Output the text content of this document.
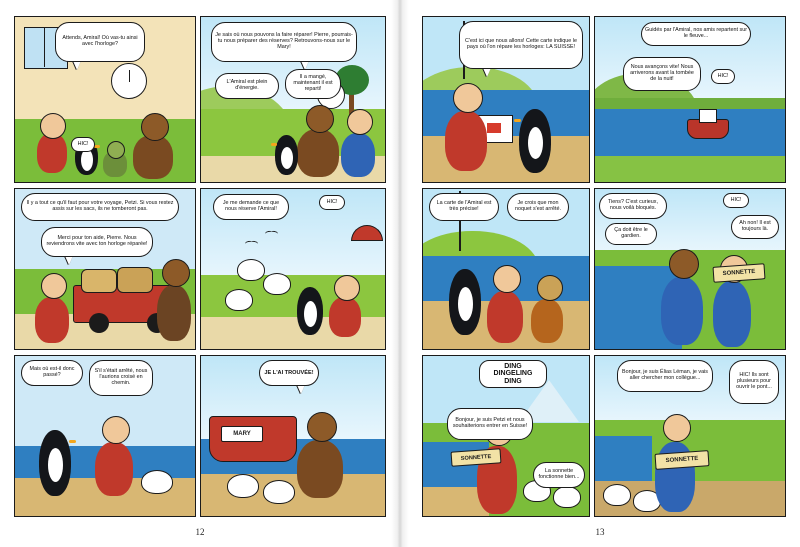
Attends, Amiral! Où vas-tu ainsi avec l'horloge?
HIC!
Je sais où nous pouvons la faire réparer! Pierre, pourrais-tu nous préparer des réserves? Retrouvons-nous sur le Mary!
L'Amiral est plein d'énergie.
Il a mangé, maintenant il est reparti!
Il y a tout ce qu'il faut pour votre voyage, Petzi. Si vous restez assis sur les sacs, ils ne tomberont pas.
Merci pour ton aide, Pierre. Nous reviendrons vite avec ton horloge réparée!
Je me demande ce que nous réserve l'Amiral!
HIC!
Mais où est-il donc passé?
S'il s'était arrêté, nous l'aurions croisé en chemin.
MARY
JE L'AI TROUVÉE!
12
C'est ici que nous allons! Cette carte indique le pays où l'on répare les horloges: LA SUISSE!
Guidés par l'Amiral, nos amis repartent sur le fleuve...
Nous avançons vite! Nous arriverons avant la tombée de la nuit!
HIC!
La carte de l'Amiral est très précise!
Je crois que mon noquet s'est arrêté.
SONNETTE
Tiens? C'est curieux, nous voilà bloqués.
Ça doit être le gardien.
HIC!
Ah non! Il est toujours là.
SONNETTE
DING DINGELING DING
Bonjour, je suis Petzi et nous souhaiterions entrer en Suisse!
La sonnette fonctionne bien...
SONNETTE
Bonjour, je suis Élias Léman, je vais aller chercher mon collègue...	HIC! Ils sont plusieurs pour ouvrir le pont...
13
